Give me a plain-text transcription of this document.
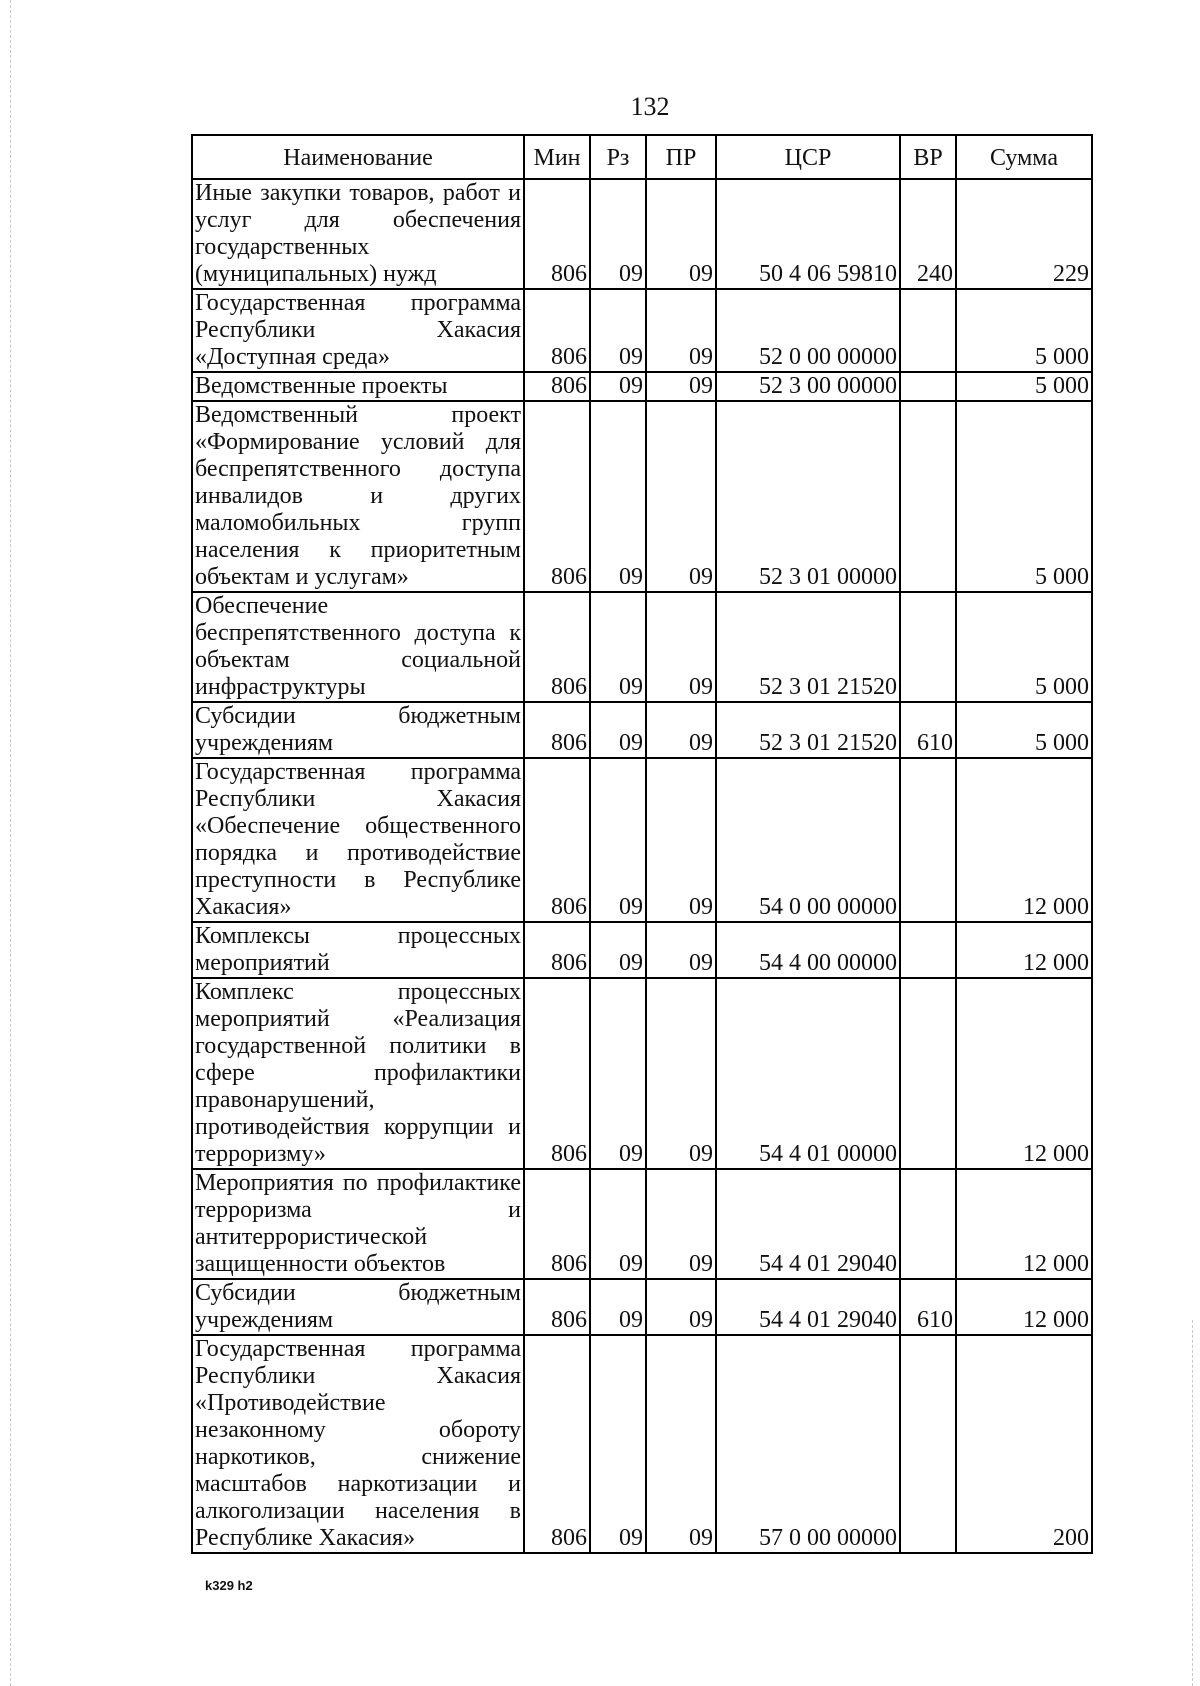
132
Наименование	Мин	Рз	ПР	ЦСР	ВР	Сумма
Иные закупки товаров, работ и услуг для обеспечения государственных (муниципальных) нужд	806	09	09	50 4 06 59810	240	229
Государственная программа Республики Хакасия «Доступная среда»	806	09	09	52 0 00 00000		5 000
Ведомственные проекты	806	09	09	52 3 00 00000		5 000
Ведомственный проект «Формирование условий для беспрепятственного доступа инвалидов и других маломобильных групп населения к приоритетным объектам и услугам»	806	09	09	52 3 01 00000		5 000
Обеспечение беспрепятственного доступа к объектам социальной инфраструктуры	806	09	09	52 3 01 21520		5 000
Субсидии бюджетным учреждениям	806	09	09	52 3 01 21520	610	5 000
Государственная программа Республики Хакасия «Обеспечение общественного порядка и противодействие преступности в Республике Хакасия»	806	09	09	54 0 00 00000		12 000
Комплексы процессных мероприятий	806	09	09	54 4 00 00000		12 000
Комплекс процессных мероприятий «Реализация государственной политики в сфере профилактики правонарушений, противодействия коррупции и терроризму»	806	09	09	54 4 01 00000		12 000
Мероприятия по профилактике терроризма и антитеррористической защищенности объектов	806	09	09	54 4 01 29040		12 000
Субсидии бюджетным учреждениям	806	09	09	54 4 01 29040	610	12 000
Государственная программа Республики Хакасия «Противодействие незаконному обороту наркотиков, снижение масштабов наркотизации и алкоголизации населения в Республике Хакасия»	806	09	09	57 0 00 00000		200
k329 h2
